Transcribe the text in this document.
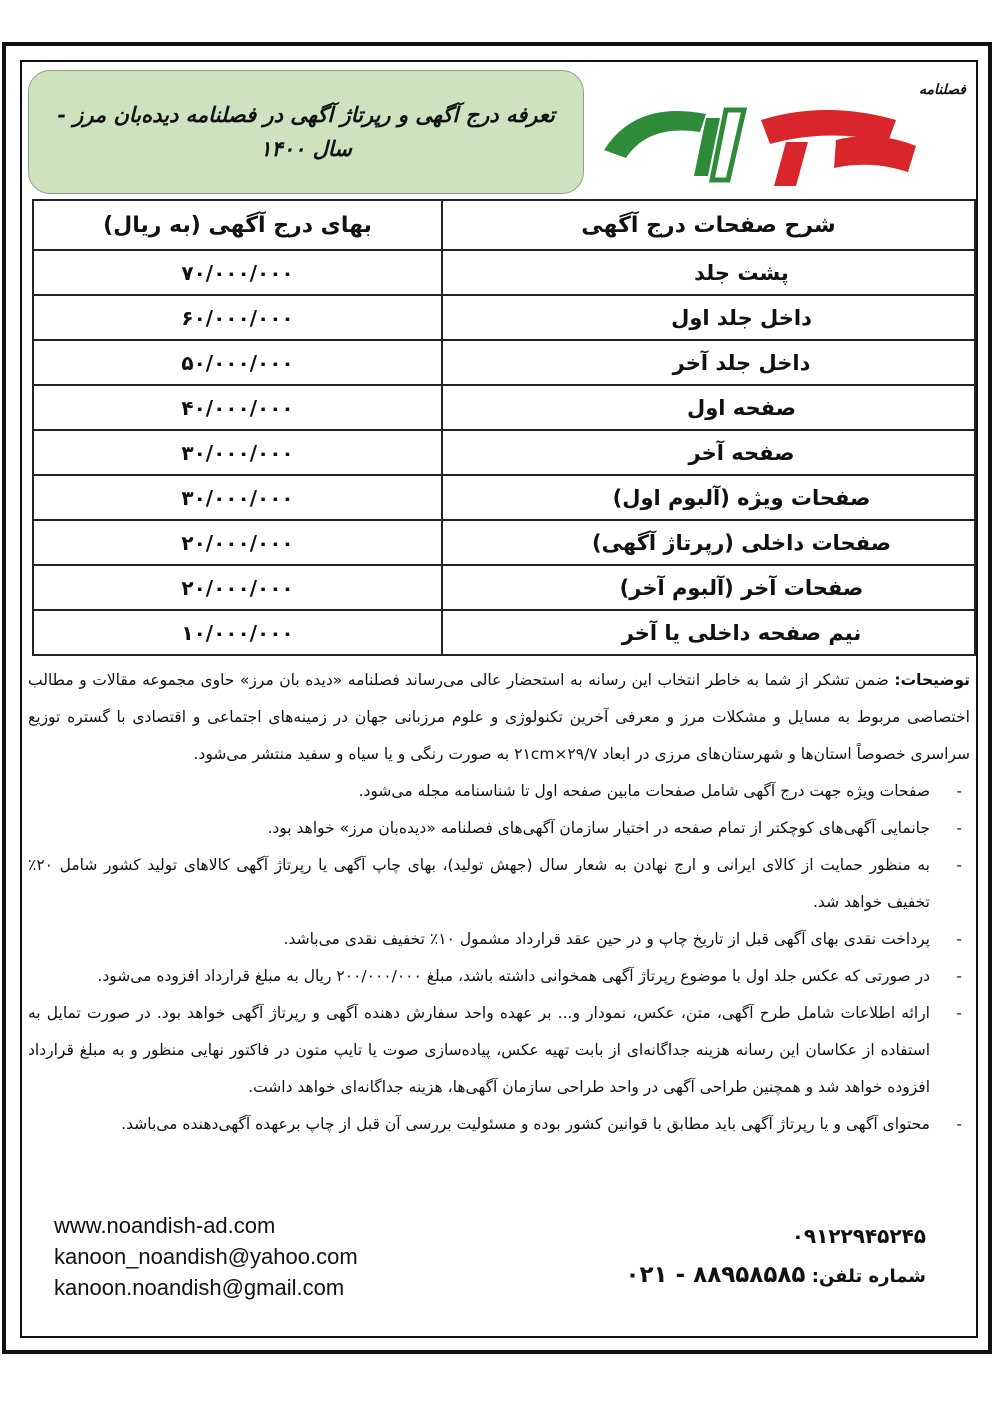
فصلنامه
دیده بان مرز
تعرفه درج آگهی و رپرتاژ آگهی در فصلنامه دیده‌بان مرز - سال ۱۴۰۰
شرح صفحات درج آگهی	بهای درج آگهی (به ریال)
پشت جلد	۷۰/۰۰۰/۰۰۰
داخل جلد اول	۶۰/۰۰۰/۰۰۰
داخل جلد آخر	۵۰/۰۰۰/۰۰۰
صفحه اول	۴۰/۰۰۰/۰۰۰
صفحه آخر	۳۰/۰۰۰/۰۰۰
صفحات ویژه (آلبوم اول)	۳۰/۰۰۰/۰۰۰
صفحات داخلی (رپرتاژ آگهی)	۲۰/۰۰۰/۰۰۰
صفحات آخر (آلبوم آخر)	۲۰/۰۰۰/۰۰۰
نیم صفحه داخلی یا آخر	۱۰/۰۰۰/۰۰۰

توضیحات: ضمن تشکر از شما به خاطر انتخاب این رسانه به استحضار عالی می‌رساند فصلنامه «دیده بان مرز» حاوی مجموعه مقالات و مطالب اختصاصی مربوط به مسایل و مشکلات مرز و معرفی آخرین تکنولوژی و علوم مرزبانی جهان در زمینه‌های اجتماعی و اقتصادی با گستره توزیع سراسری خصوصاً استان‌ها و شهرستان‌های مرزی در ابعاد ۲۹/۷×۲۱cm به صورت رنگی و یا سیاه و سفید منتشر می‌شود.

-
صفحات ویژه جهت درج آگهی شامل صفحات مابین صفحه اول تا شناسنامه مجله می‌شود.

-
جانمایی آگهی‌های کوچکتر از تمام صفحه در اختیار سازمان آگهی‌های فصلنامه «دیده‌بان مرز» خواهد بود.

-
به منظور حمایت از کالای ایرانی و ارج نهادن به شعار سال (جهش تولید)، بهای چاپ آگهی یا رپرتاژ آگهی کالاهای تولید کشور شامل ۲۰٪ تخفیف خواهد شد.

-
پرداخت نقدی بهای آگهی قبل از تاریخ چاپ و در حین عقد قرارداد مشمول ۱۰٪ تخفیف نقدی می‌باشد.

-
در صورتی که عکس جلد اول با موضوع رپرتاژ آگهی همخوانی داشته باشد، مبلغ ۲۰۰/۰۰۰/۰۰۰ ریال به مبلغ قرارداد افزوده می‌شود.

-
ارائه اطلاعات شامل طرح آگهی، متن، عکس، نمودار و... بر عهده واحد سفارش دهنده آگهی و رپرتاژ آگهی خواهد بود. در صورت تمایل به استفاده از عکاسان این رسانه هزینه جداگانه‌ای از بابت تهیه عکس، پیاده‌سازی صوت یا تایپ متون در فاکتور نهایی منظور و به مبلغ قرارداد افزوده خواهد شد و همچنین طراحی آگهی در واحد طراحی سازمان آگهی‌ها، هزینه جداگانه‌ای خواهد داشت.

-
محتوای آگهی و یا رپرتاژ آگهی باید مطابق با قوانین کشور بوده و مسئولیت بررسی آن قبل از چاپ برعهده آگهی‌دهنده می‌باشد.

www.noandish-ad.com
kanoon_noandish@yahoo.com
kanoon.noandish@gmail.com
۰۹۱۲۲۹۴۵۲۴۵
شماره تلفن: ۰۲۱ - ۸۸۹۵۸۵۸۵
